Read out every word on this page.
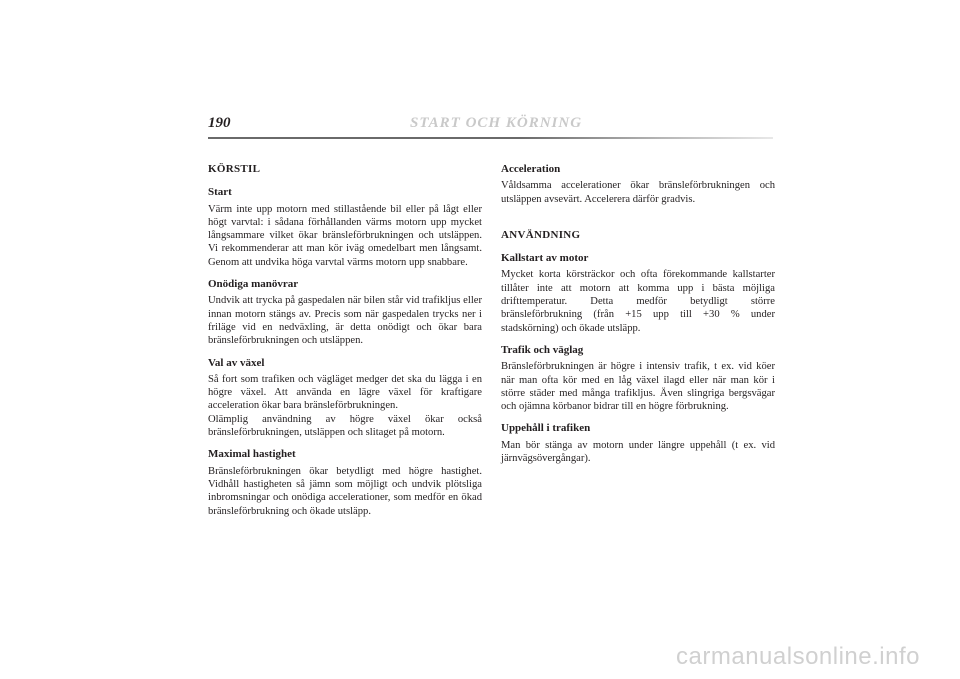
190	START OCH KÖRNING
KÖRSTIL
Start

Värm inte upp motorn med stillastående bil eller på lågt eller högt varvtal: i sådana förhållanden värms motorn upp mycket långsammare vilket ökar bränsleförbrukningen och utsläppen. Vi rekommenderar att man kör iväg omedelbart men långsamt. Genom att undvika höga varvtal värms motorn upp snabbare.

Onödiga manövrar

Undvik att trycka på gaspedalen när bilen står vid trafikljus eller innan motorn stängs av. Precis som när gaspedalen trycks ner i friläge vid en nedväxling, är detta onödigt och ökar bara bränsleförbrukningen och utsläppen.

Val av växel

Så fort som trafiken och vägläget medger det ska du lägga i en högre växel. Att använda en lägre växel för kraftigare acceleration ökar bara bränsleförbrukningen.

Olämplig användning av högre växel ökar också bränsleförbrukningen, utsläppen och slitaget på motorn.

Maximal hastighet

Bränsleförbrukningen ökar betydligt med högre hastighet. Vidhåll hastigheten så jämn som möjligt och undvik plötsliga inbromsningar och onödiga accelerationer, som medför en ökad bränsleförbrukning och ökade utsläpp.

Acceleration

Våldsamma accelerationer ökar bränsleförbrukningen och utsläppen avsevärt. Accelerera därför gradvis.

ANVÄNDNING
Kallstart av motor

Mycket korta körsträckor och ofta förekommande kallstarter tillåter inte att motorn att komma upp i bästa möjliga drifttemperatur. Detta medför betydligt större bränsleförbrukning (från +15 upp till +30 % under stadskörning) och ökade utsläpp.

Trafik och väglag

Bränsleförbrukningen är högre i intensiv trafik, t ex. vid köer när man ofta kör med en låg växel ilagd eller när man kör i större städer med många trafikljus. Även slingriga bergsvägar och ojämna körbanor bidrar till en högre förbrukning.

Uppehåll i trafiken

Man bör stänga av motorn under längre uppehåll (t ex. vid järnvägsövergångar).

carmanualsonline.info
